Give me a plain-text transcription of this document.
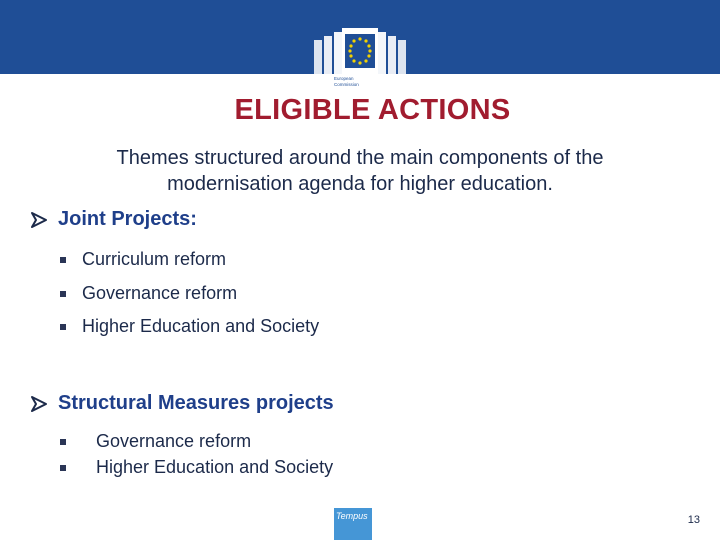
European
Commission
ELIGIBLE ACTIONS
Themes structured around the main components of the
modernisation agenda for higher education.
Joint Projects:
Curriculum reform
Governance reform
Higher Education and Society
Structural Measures projects
Governance reform
Higher Education and Society
Tempus	13
